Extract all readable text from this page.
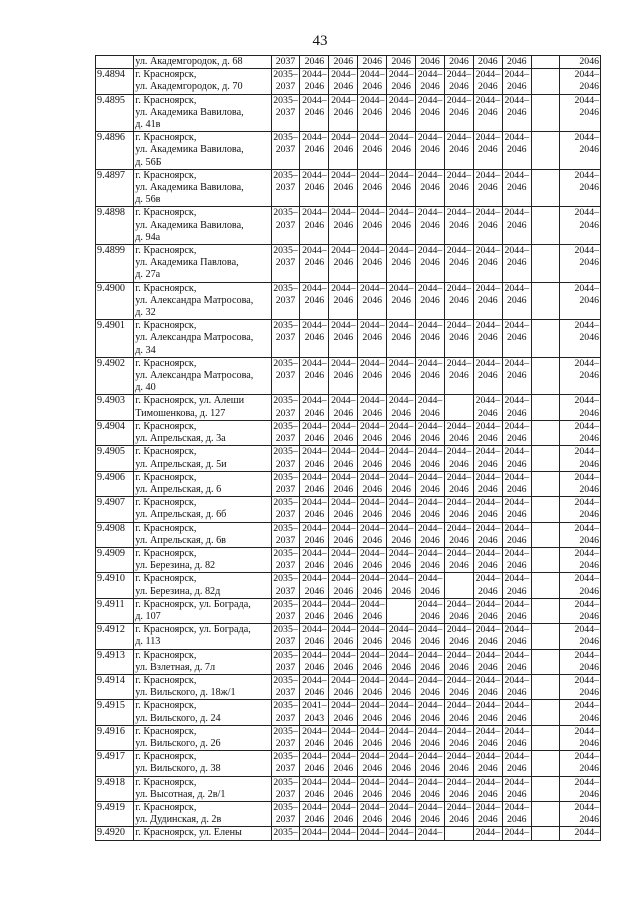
43

	ул. Академгородок, д. 68	2037	2046	2046	2046	2046	2046	2046	2046	2046		2046

9.4894	г. Красноярск,
ул. Академгородок, д. 70	2035–
2037	2044–
2046	2044–
2046	2044–
2046	2044–
2046	2044–
2046	2044–
2046	2044–
2046	2044–
2046		2044–
2046

9.4895	г. Красноярск,
ул. Академика Вавилова,
д. 41в	2035–
2037	2044–
2046	2044–
2046	2044–
2046	2044–
2046	2044–
2046	2044–
2046	2044–
2046	2044–
2046		2044–
2046

9.4896	г. Красноярск,
ул. Академика Вавилова,
д. 56Б	2035–
2037	2044–
2046	2044–
2046	2044–
2046	2044–
2046	2044–
2046	2044–
2046	2044–
2046	2044–
2046		2044–
2046

9.4897	г. Красноярск,
ул. Академика Вавилова,
д. 56в	2035–
2037	2044–
2046	2044–
2046	2044–
2046	2044–
2046	2044–
2046	2044–
2046	2044–
2046	2044–
2046		2044–
2046

9.4898	г. Красноярск,
ул. Академика Вавилова,
д. 94а	2035–
2037	2044–
2046	2044–
2046	2044–
2046	2044–
2046	2044–
2046	2044–
2046	2044–
2046	2044–
2046		2044–
2046

9.4899	г. Красноярск,
ул. Академика Павлова,
д. 27а	2035–
2037	2044–
2046	2044–
2046	2044–
2046	2044–
2046	2044–
2046	2044–
2046	2044–
2046	2044–
2046		2044–
2046

9.4900	г. Красноярск,
ул. Александра Матросова,
д. 32	2035–
2037	2044–
2046	2044–
2046	2044–
2046	2044–
2046	2044–
2046	2044–
2046	2044–
2046	2044–
2046		2044–
2046

9.4901	г. Красноярск,
ул. Александра Матросова,
д. 34	2035–
2037	2044–
2046	2044–
2046	2044–
2046	2044–
2046	2044–
2046	2044–
2046	2044–
2046	2044–
2046		2044–
2046

9.4902	г. Красноярск,
ул. Александра Матросова,
д. 40	2035–
2037	2044–
2046	2044–
2046	2044–
2046	2044–
2046	2044–
2046	2044–
2046	2044–
2046	2044–
2046		2044–
2046

9.4903	г. Красноярск, ул. Алеши
Тимошенкова, д. 127	2035–
2037	2044–
2046	2044–
2046	2044–
2046	2044–
2046	2044–
2046		2044–
2046	2044–
2046		2044–
2046

9.4904	г. Красноярск,
ул. Апрельская, д. 3а	2035–
2037	2044–
2046	2044–
2046	2044–
2046	2044–
2046	2044–
2046	2044–
2046	2044–
2046	2044–
2046		2044–
2046

9.4905	г. Красноярск,
ул. Апрельская, д. 5и	2035–
2037	2044–
2046	2044–
2046	2044–
2046	2044–
2046	2044–
2046	2044–
2046	2044–
2046	2044–
2046		2044–
2046

9.4906	г. Красноярск,
ул. Апрельская, д. 6	2035–
2037	2044–
2046	2044–
2046	2044–
2046	2044–
2046	2044–
2046	2044–
2046	2044–
2046	2044–
2046		2044–
2046

9.4907	г. Красноярск,
ул. Апрельская, д. 6б	2035–
2037	2044–
2046	2044–
2046	2044–
2046	2044–
2046	2044–
2046	2044–
2046	2044–
2046	2044–
2046		2044–
2046

9.4908	г. Красноярск,
ул. Апрельская, д. 6в	2035–
2037	2044–
2046	2044–
2046	2044–
2046	2044–
2046	2044–
2046	2044–
2046	2044–
2046	2044–
2046		2044–
2046

9.4909	г. Красноярск,
ул. Березина, д. 82	2035–
2037	2044–
2046	2044–
2046	2044–
2046	2044–
2046	2044–
2046	2044–
2046	2044–
2046	2044–
2046		2044–
2046

9.4910	г. Красноярск,
ул. Березина, д. 82д	2035–
2037	2044–
2046	2044–
2046	2044–
2046	2044–
2046	2044–
2046		2044–
2046	2044–
2046		2044–
2046

9.4911	г. Красноярск, ул. Бограда,
д. 107	2035–
2037	2044–
2046	2044–
2046	2044–
2046		2044–
2046	2044–
2046	2044–
2046	2044–
2046		2044–
2046

9.4912	г. Красноярск, ул. Бограда,
д. 113	2035–
2037	2044–
2046	2044–
2046	2044–
2046	2044–
2046	2044–
2046	2044–
2046	2044–
2046	2044–
2046		2044–
2046

9.4913	г. Красноярск,
ул. Взлетная, д. 7л	2035–
2037	2044–
2046	2044–
2046	2044–
2046	2044–
2046	2044–
2046	2044–
2046	2044–
2046	2044–
2046		2044–
2046

9.4914	г. Красноярск,
ул. Вильского, д. 18ж/1	2035–
2037	2044–
2046	2044–
2046	2044–
2046	2044–
2046	2044–
2046	2044–
2046	2044–
2046	2044–
2046		2044–
2046

9.4915	г. Красноярск,
ул. Вильского, д. 24	2035–
2037	2041–
2043	2044–
2046	2044–
2046	2044–
2046	2044–
2046	2044–
2046	2044–
2046	2044–
2046		2044–
2046

9.4916	г. Красноярск,
ул. Вильского, д. 26	2035–
2037	2044–
2046	2044–
2046	2044–
2046	2044–
2046	2044–
2046	2044–
2046	2044–
2046	2044–
2046		2044–
2046

9.4917	г. Красноярск,
ул. Вильского, д. 38	2035–
2037	2044–
2046	2044–
2046	2044–
2046	2044–
2046	2044–
2046	2044–
2046	2044–
2046	2044–
2046		2044–
2046

9.4918	г. Красноярск,
ул. Высотная, д. 2в/1	2035–
2037	2044–
2046	2044–
2046	2044–
2046	2044–
2046	2044–
2046	2044–
2046	2044–
2046	2044–
2046		2044–
2046

9.4919	г. Красноярск,
ул. Дудинская, д. 2в	2035–
2037	2044–
2046	2044–
2046	2044–
2046	2044–
2046	2044–
2046	2044–
2046	2044–
2046	2044–
2046		2044–
2046

9.4920	г. Красноярск, ул. Елены	2035–	2044–	2044–	2044–	2044–	2044–		2044–	2044–		2044–
